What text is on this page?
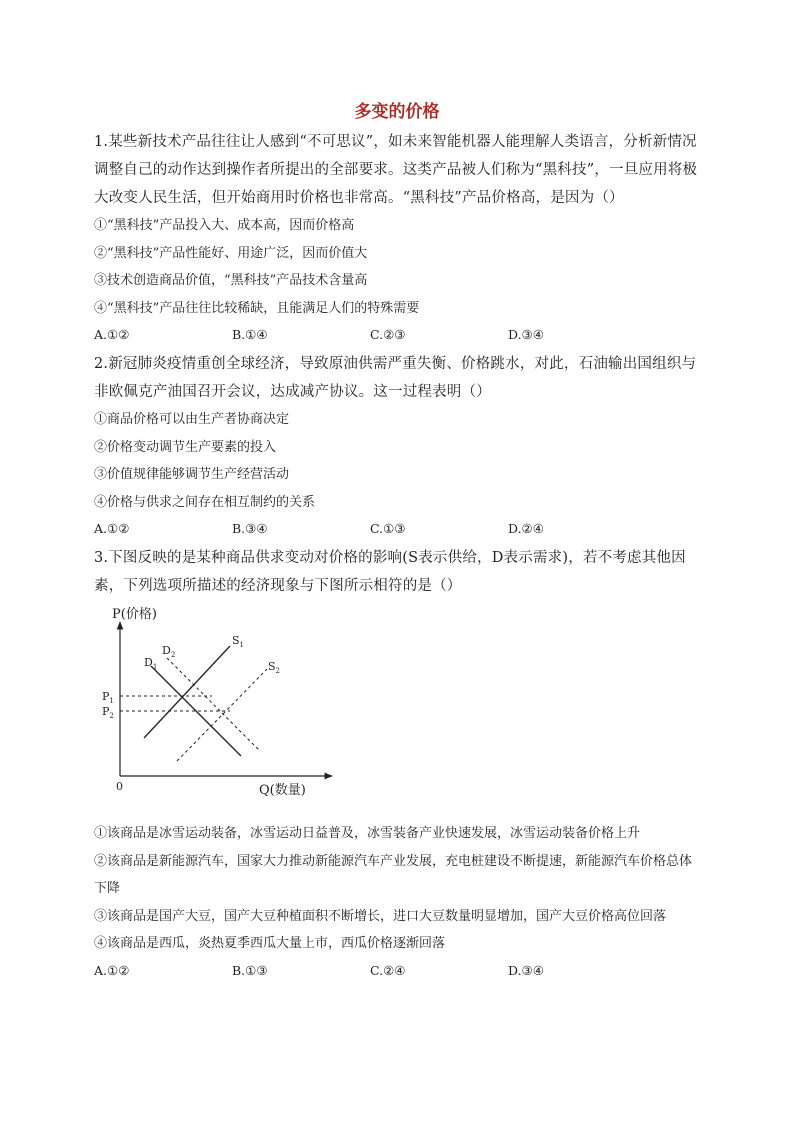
多变的价格

1.某些新技术产品往往让人感到“不可思议”，如未来智能机器人能理解人类语言，分析新情况调整自己的动作达到操作者所提出的全部要求。这类产品被人们称为“黑科技”，一旦应用将极大改变人民生活，但开始商用时价格也非常高。“黑科技”产品价格高，是因为（）

①“黑科技”产品投入大、成本高，因而价格高

②“黑科技”产品性能好、用途广泛，因而价值大

③技术创造商品价值，“黑科技”产品技术含量高

④“黑科技”产品往往比较稀缺，且能满足人们的特殊需要

A.①②	B.①④	C.②③	D.③④

2.新冠肺炎疫情重创全球经济，导致原油供需严重失衡、价格跳水，对此，石油输出国组织与非欧佩克产油国召开会议，达成减产协议。这一过程表明（）

①商品价格可以由生产者协商决定

②价格变动调节生产要素的投入

③价值规律能够调节生产经营活动

④价格与供求之间存在相互制约的关系

A.①②	B.③④	C.①③	D.②④

3.下图反映的是某种商品供求变动对价格的影响(S表示供给，D表示需求)，若不考虑其他因素，下列选项所描述的经济现象与下图所示相符的是（）

P(价格)
Q(数量)
0
$P_1$
$P_2$
$D_1$
$D_2$
$S_1$
$S_2$

①该商品是冰雪运动装备，冰雪运动日益普及，冰雪装备产业快速发展，冰雪运动装备价格上升

②该商品是新能源汽车，国家大力推动新能源汽车产业发展，充电桩建设不断提速，新能源汽车价格总体下降

③该商品是国产大豆，国产大豆种植面积不断增长，进口大豆数量明显增加，国产大豆价格高位回落

④该商品是西瓜，炎热夏季西瓜大量上市，西瓜价格逐渐回落

A.①②	B.①③	C.②④	D.③④
